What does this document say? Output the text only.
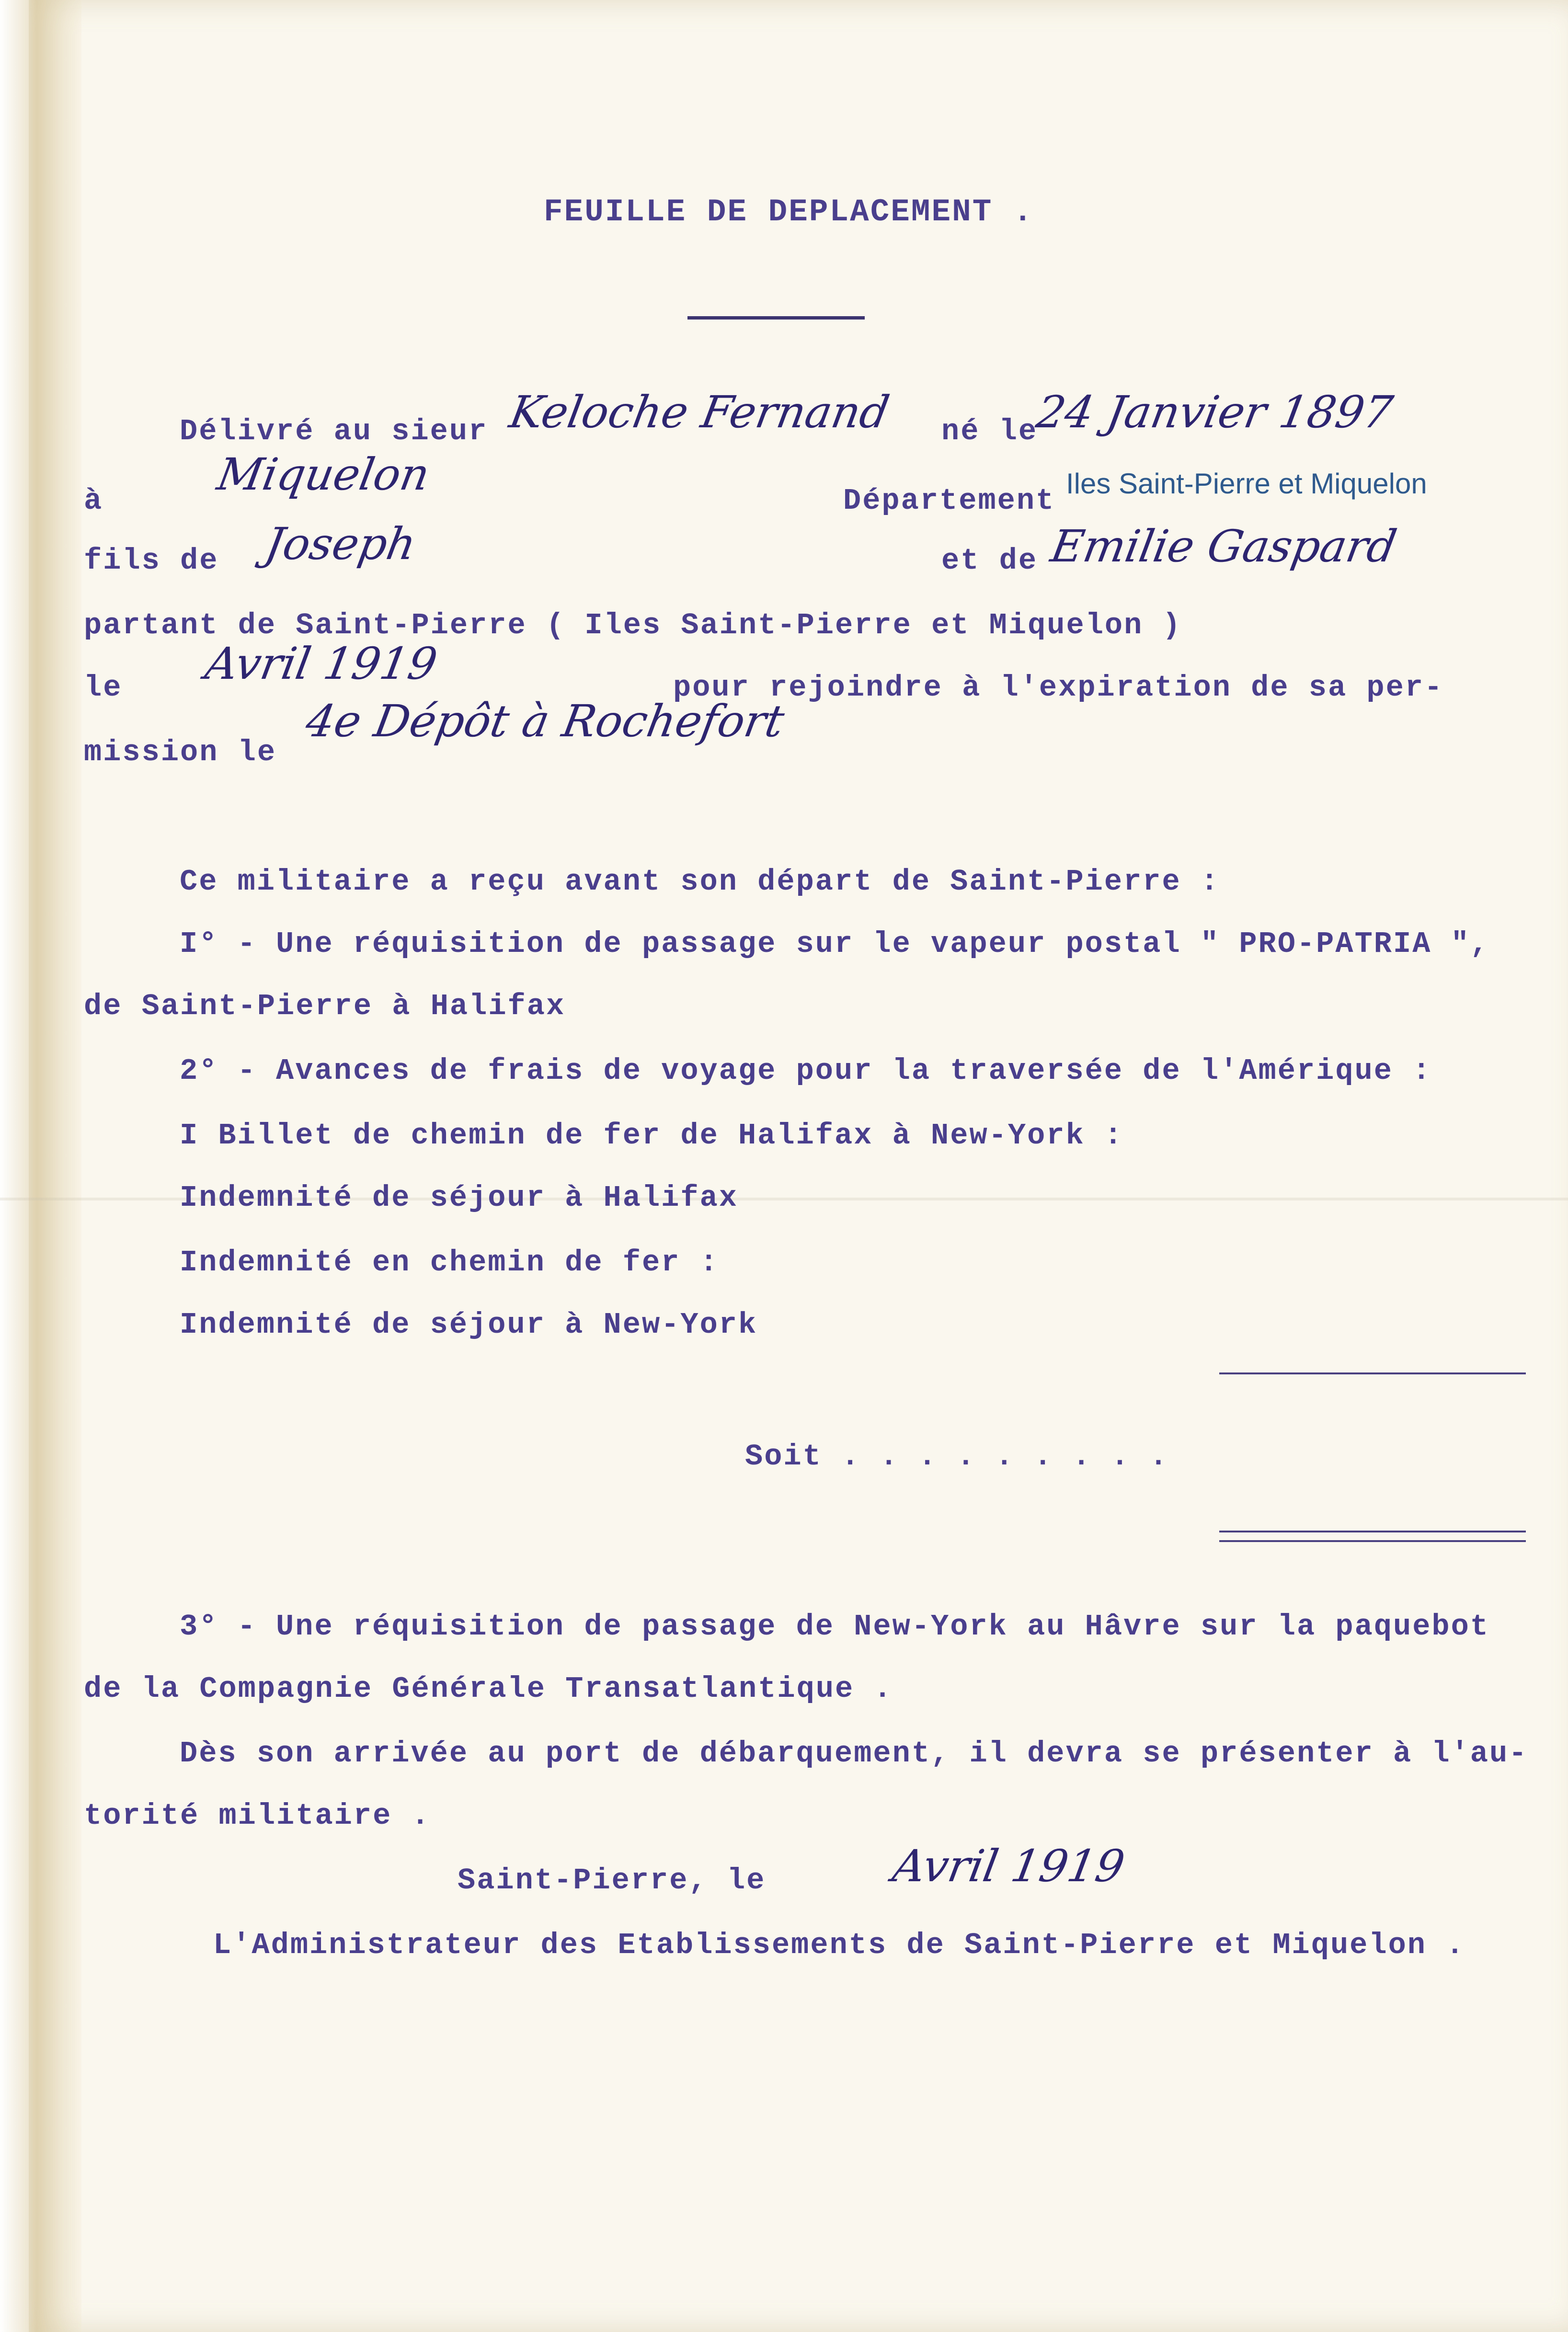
FEUILLE DE DEPLACEMENT .
Délivré au sieur Keloche Fernand né le
24 Janvier 1897
à
Miquelon
Département
Iles Saint-Pierre et Miquelon
fils de Joseph	et de Emilie Gaspard
partant de Saint-Pierre ( Iles Saint-Pierre et Miquelon )
le Avril 1919	pour rejoindre à l'expiration de sa per-
mission le
4e Dépôt à Rochefort
Ce militaire a reçu avant son départ de Saint-Pierre :
I° - Une réquisition de passage sur le vapeur postal " PRO-PATRIA ",
de Saint-Pierre à Halifax
2° - Avances de frais de voyage pour la traversée de l'Amérique :
I Billet de chemin de fer de Halifax à New-York :
Indemnité de séjour à Halifax
Indemnité en chemin de fer :
Indemnité de séjour à New-York
Soit . . . . . . . . .
3° - Une réquisition de passage de New-York au Hâvre sur la paquebot
de la Compagnie Générale Transatlantique .
Dès son arrivée au port de débarquement, il devra se présenter à l'au-
torité militaire .
Saint-Pierre, le	Avril 1919
L'Administrateur des Etablissements de Saint-Pierre et Miquelon .
